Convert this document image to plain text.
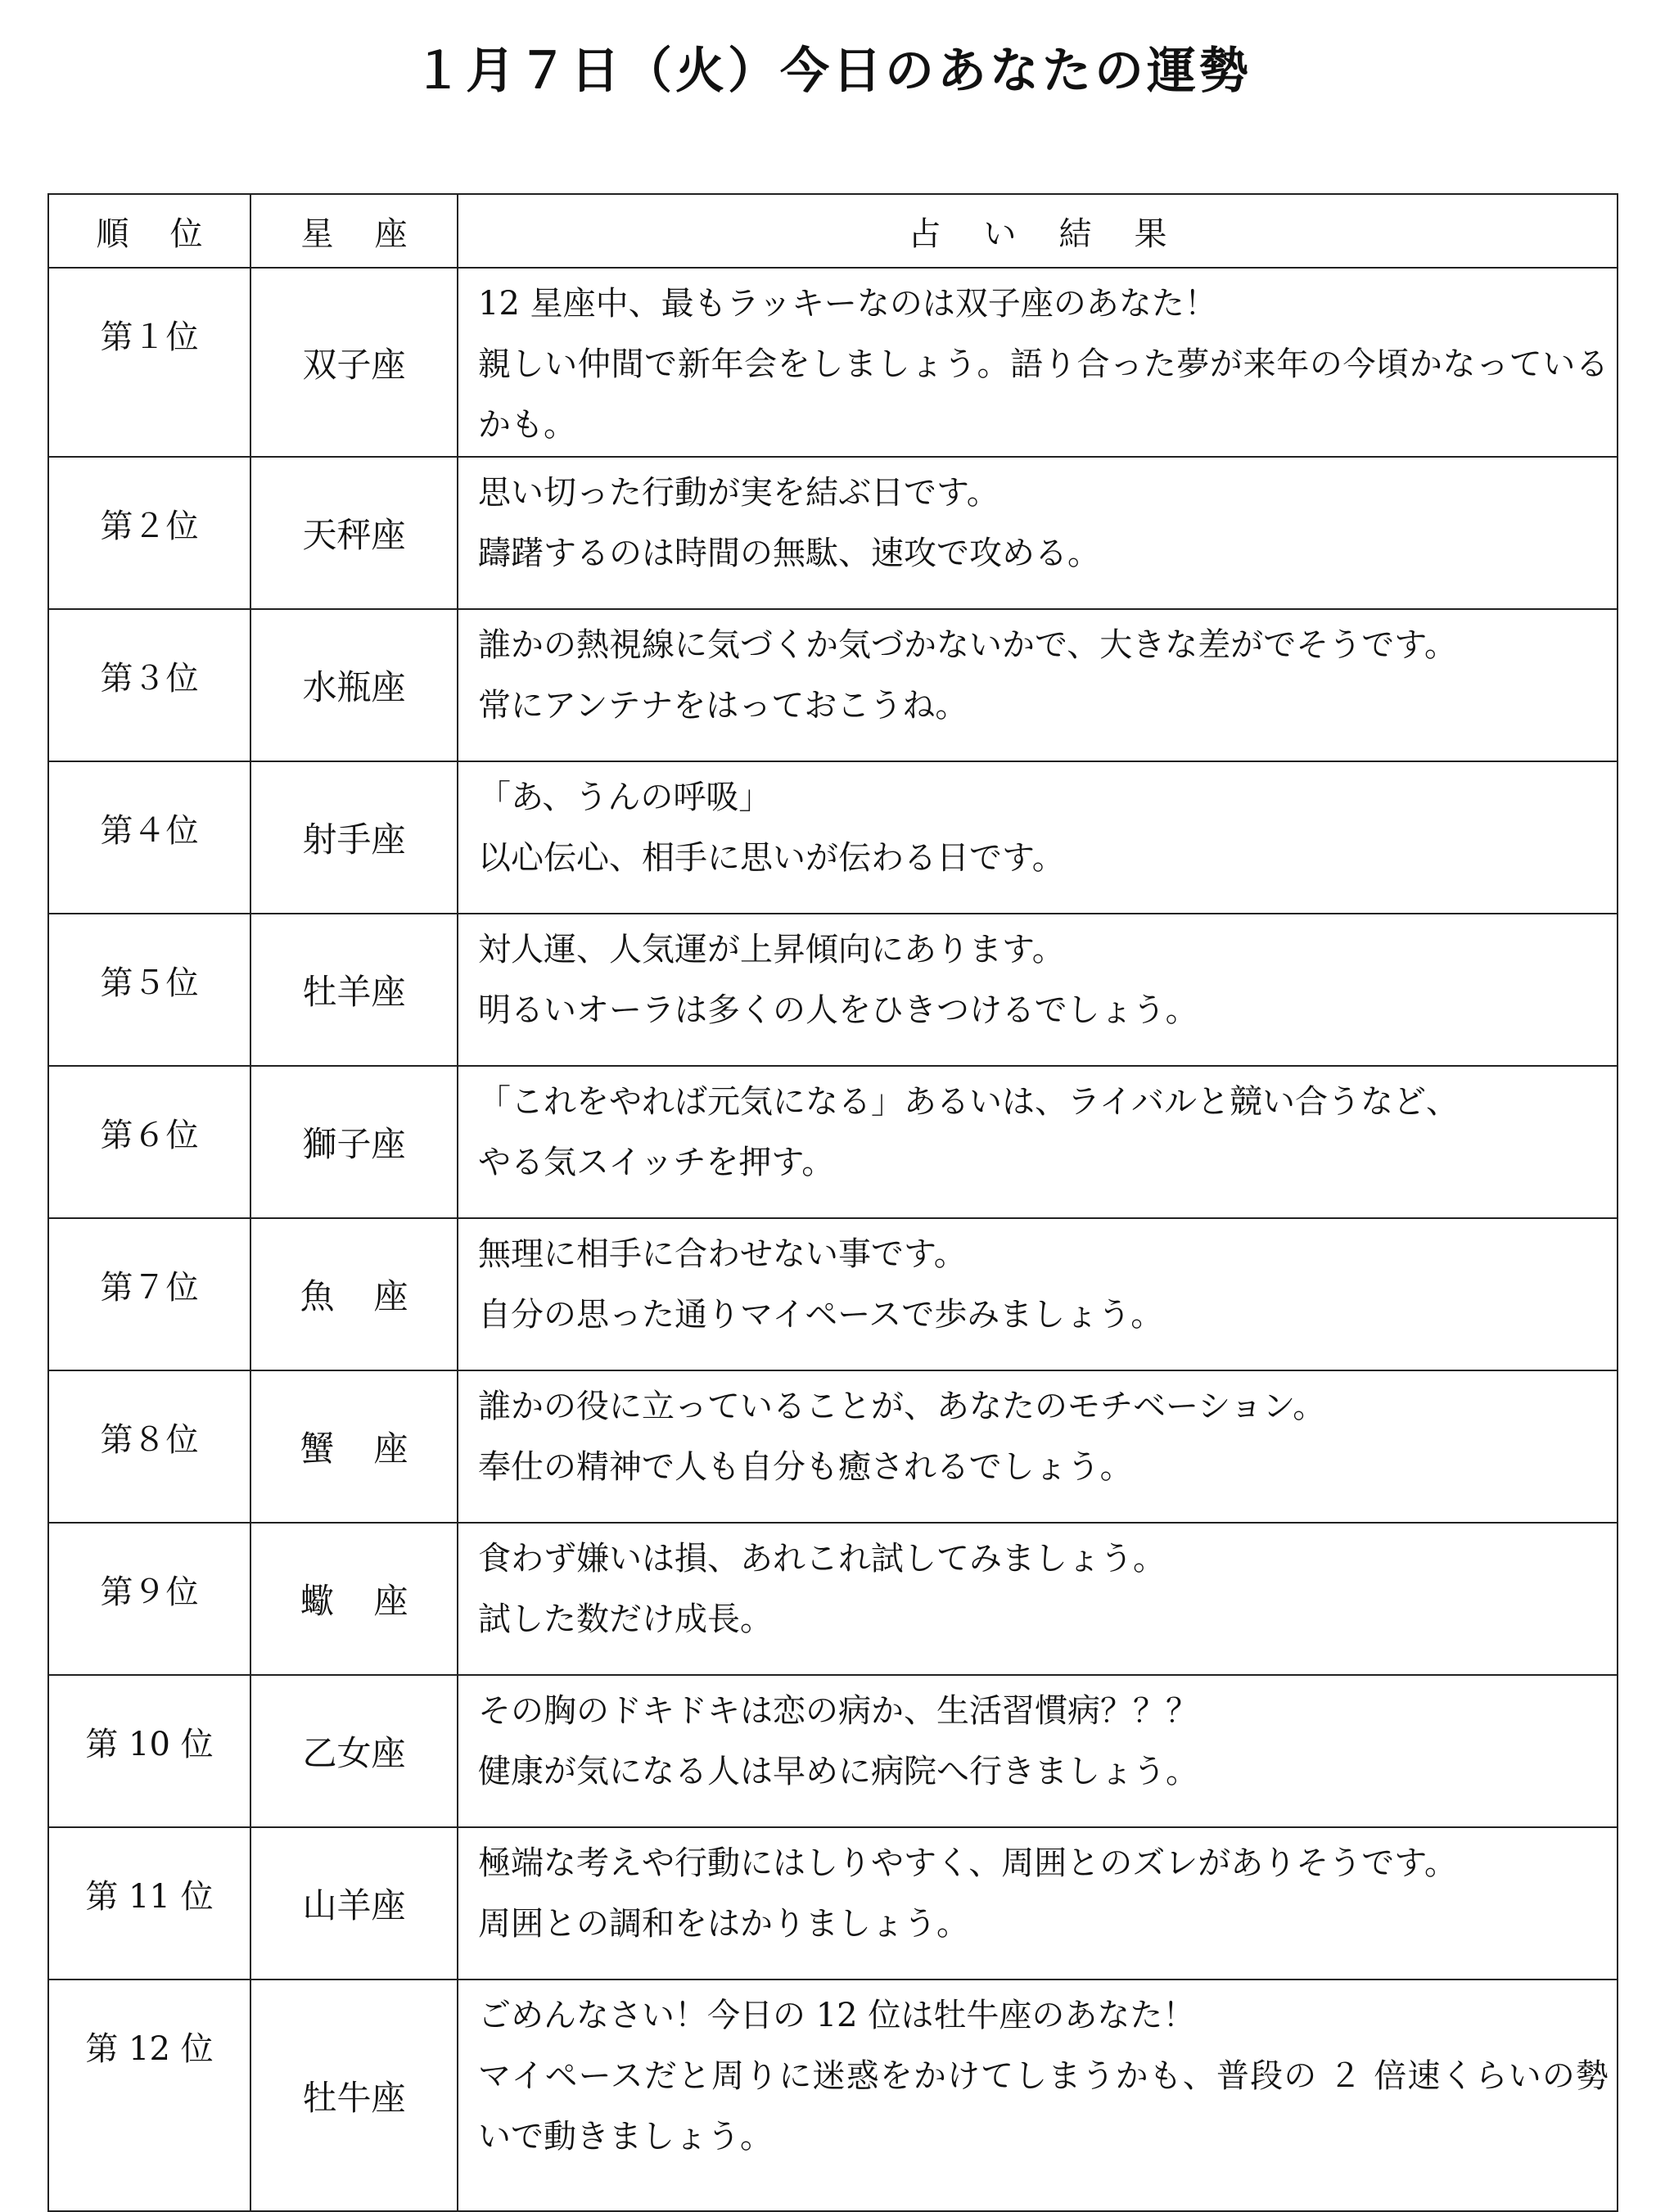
１月７日（火）今日のあなたの運勢
順位	星座	占い結果

第１位	双子座	12 星座中、最もラッキーなのは双子座のあなた！
親しい仲間で新年会をしましょう。語り合った夢が来年の今頃かなっているかも。

第２位	天秤座	思い切った行動が実を結ぶ日です。
躊躇するのは時間の無駄、速攻で攻める。

第３位	水瓶座	誰かの熱視線に気づくか気づかないかで、大きな差がでそうです。
常にアンテナをはっておこうね。

第４位	射手座	「あ、うんの呼吸」
以心伝心、相手に思いが伝わる日です。

第５位	牡羊座	対人運、人気運が上昇傾向にあります。
明るいオーラは多くの人をひきつけるでしょう。

第６位	獅子座	「これをやれば元気になる」あるいは、ライバルと競い合うなど、
やる気スイッチを押す。

第７位	魚座	無理に相手に合わせない事です。
自分の思った通りマイペースで歩みましょう。

第８位	蟹座	誰かの役に立っていることが、あなたのモチベーション。
奉仕の精神で人も自分も癒されるでしょう。

第９位	蠍座	食わず嫌いは損、あれこれ試してみましょう。
試した数だけ成長。

第 10 位	乙女座	その胸のドキドキは恋の病か、生活習慣病？？？
健康が気になる人は早めに病院へ行きましょう。

第 11 位	山羊座	極端な考えや行動にはしりやすく、周囲とのズレがありそうです。
周囲との調和をはかりましょう。

第 12 位	牡牛座	ごめんなさい！今日の 12 位は牡牛座のあなた！
マイペースだと周りに迷惑をかけてしまうかも、普段の ２ 倍速くらいの勢いで動きましょう。
